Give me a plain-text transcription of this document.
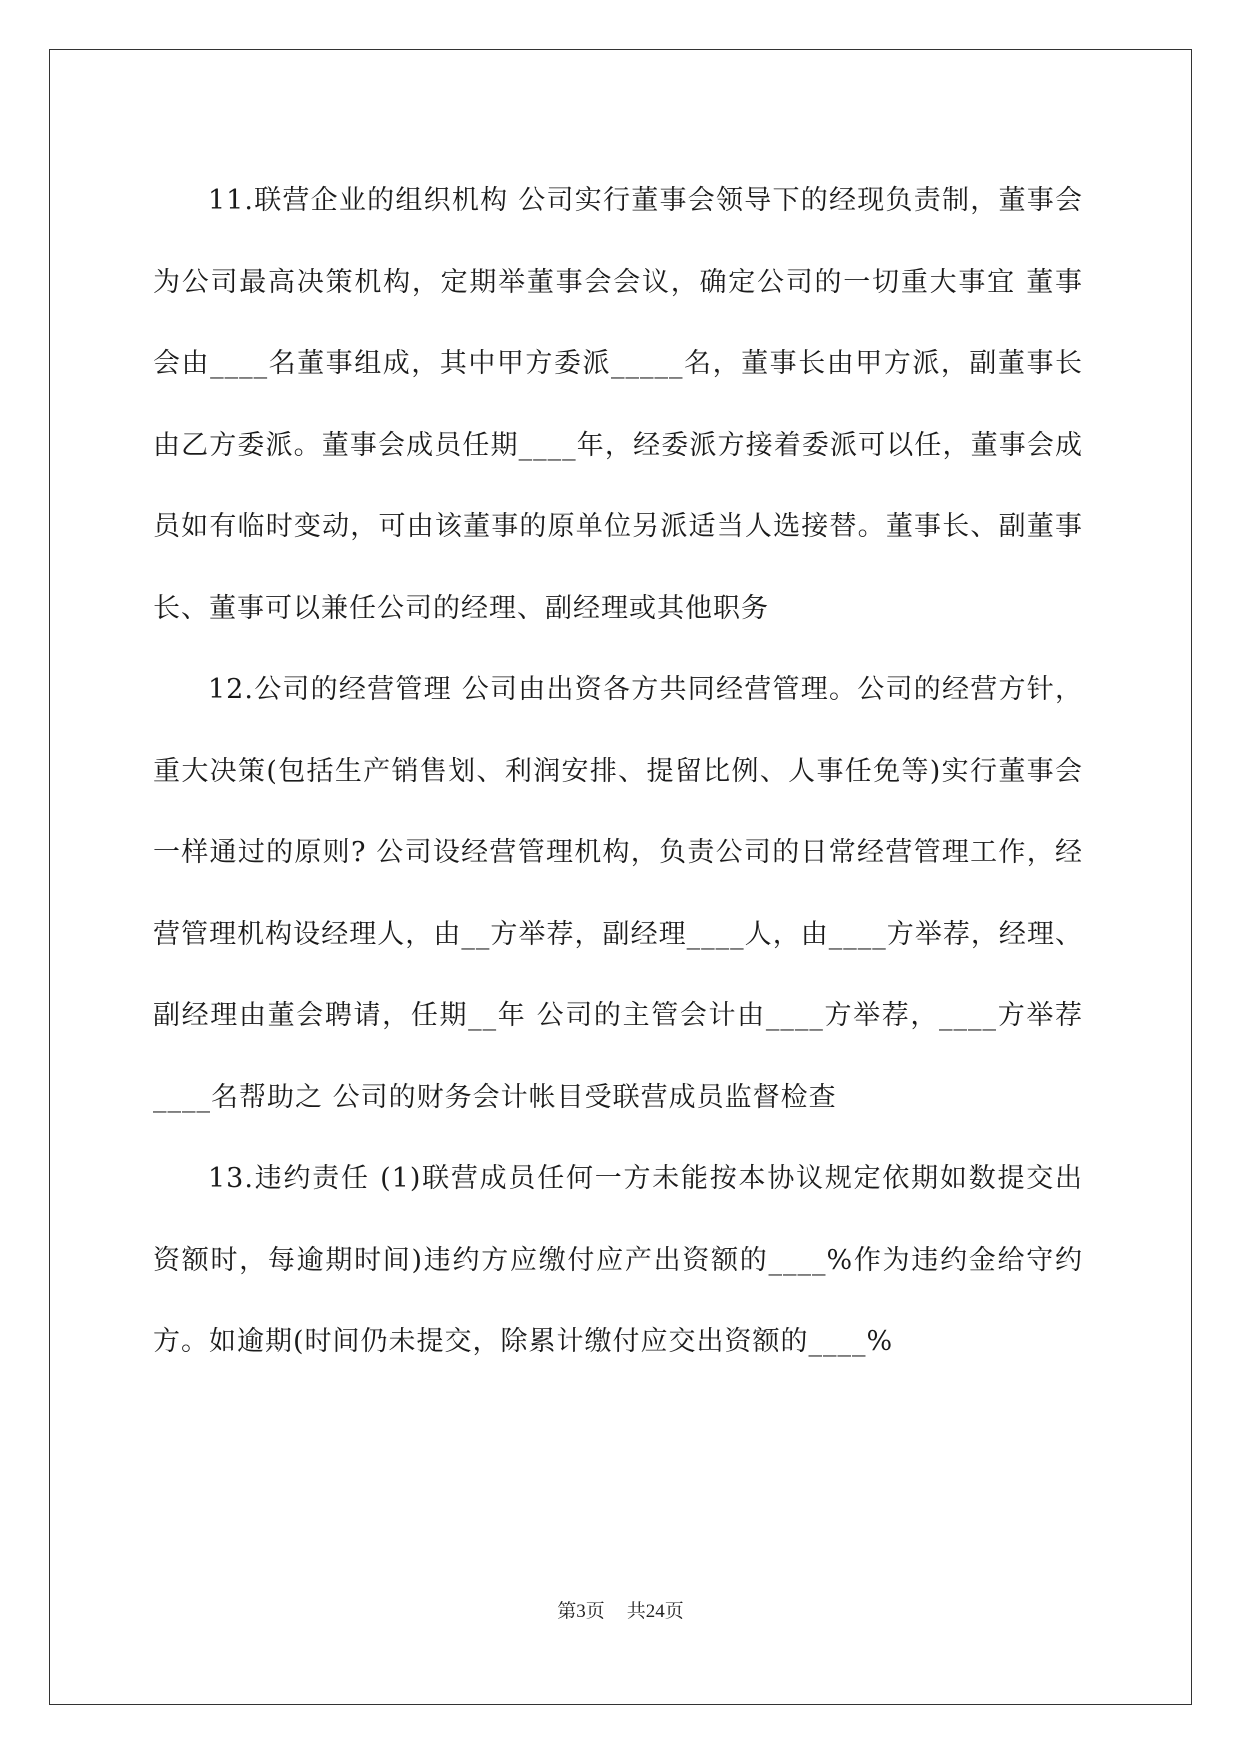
11.联营企业的组织机构 公司实行董事会领导下的经现负责制，董事会为公司最高决策机构，定期举董事会会议，确定公司的一切重大事宜 董事会由____名董事组成，其中甲方委派_____名，董事长由甲方派，副董事长由乙方委派。董事会成员任期____年，经委派方接着委派可以任，董事会成员如有临时变动，可由该董事的原单位另派适当人选接替。董事长、副董事长、董事可以兼任公司的经理、副经理或其他职务

12.公司的经营管理 公司由出资各方共同经营管理。公司的经营方针，重大决策(包括生产销售划、利润安排、提留比例、人事任免等)实行董事会一样通过的原则? 公司设经营管理机构，负责公司的日常经营管理工作，经营管理机构设经理人，由__方举荐，副经理____人，由____方举荐，经理、副经理由董会聘请，任期__年 公司的主管会计由____方举荐，____方举荐____名帮助之 公司的财务会计帐目受联营成员监督检查

13.违约责任 (1)联营成员任何一方未能按本协议规定依期如数提交出资额时，每逾期时间)违约方应缴付应产出资额的____%作为违约金给守约方。如逾期(时间仍未提交，除累计缴付应交出资额的____%

第3页 共24页
